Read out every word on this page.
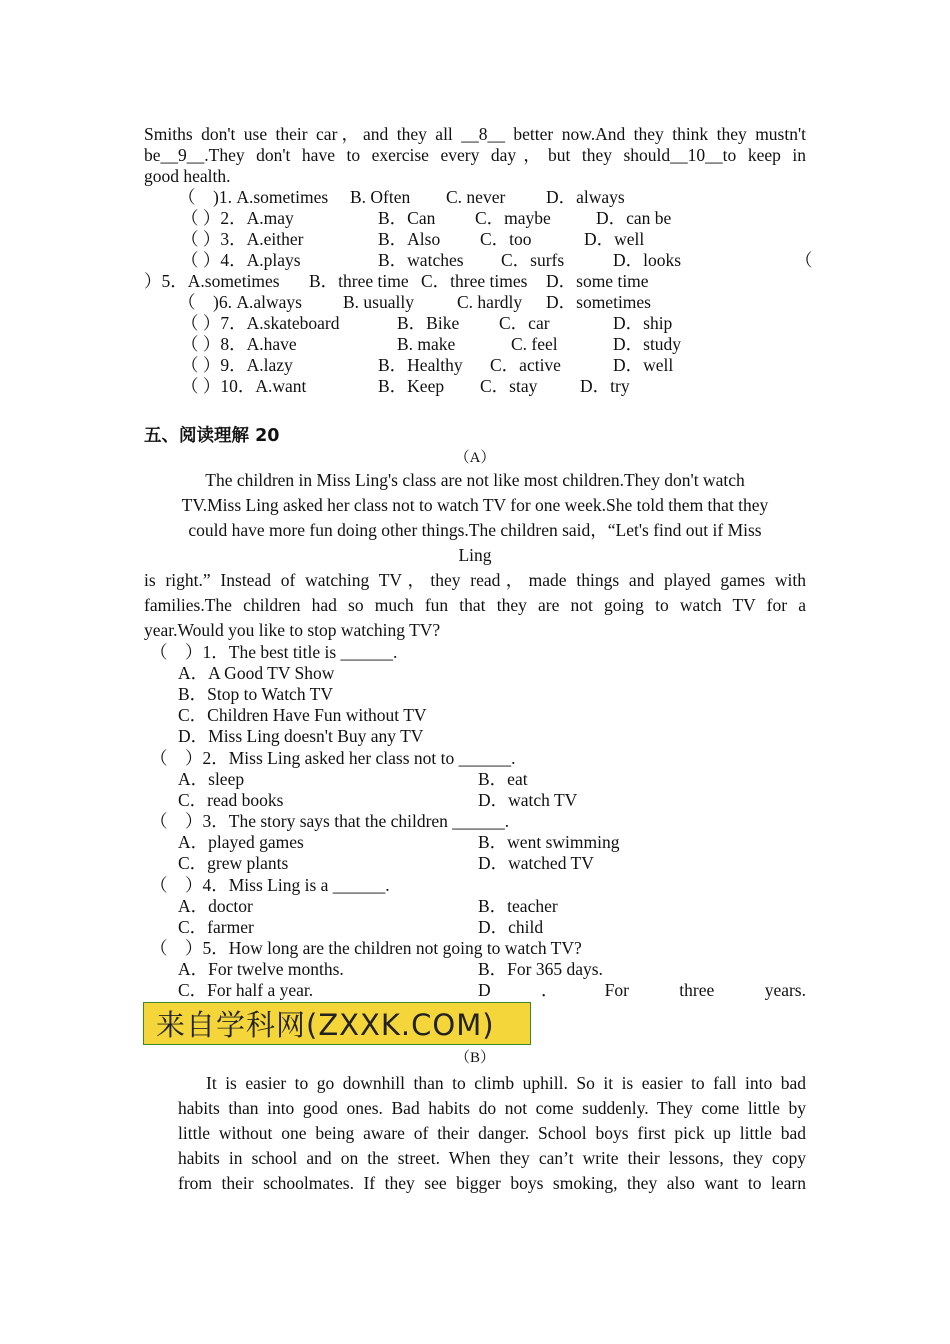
Smiths don't use their car，and they all __8__ better now.And they think they mustn't
be__9__.They don't have to exercise every day，but they should__10__to keep in
good health.
（　)1. A.sometimes B. Often C. never D．always
（ ）2．A.may	B．Can C．maybe	D．can be
（ ）3．A.either	B．Also C．too	D．well
（ ）4．A.plays	B．watches C．surfs	D．looks	（
）5．A.sometimes B．three time C．three times D．some time
（　)6. A.always B. usually C. hardly D．sometimes
（ ）7．A.skateboard	B．Bike C．car	D．ship
（ ）8．A.have	B. make	C. feel	D．study
（ ）9．A.lazy	B．Healthy C．active	D．well
（ ）10．A.want	B．Keep C．stay D．try
五、阅读理解 20
（A）
The children in Miss Ling's class are not like most children.They don't watch
TV.Miss Ling asked her class not to watch TV for one week.She told them that they
could have more fun doing other things.The children said，“Let's find out if Miss
Ling
is right.” Instead of watching TV，they read，made things and played games with
families.The children had so much fun that they are not going to watch TV for a
year.Would you like to stop watching TV?
（　）1．The best title is ______.
A．A Good TV Show
B．Stop to Watch TV
C．Children Have Fun without TV
D．Miss Ling doesn't Buy any TV
（　）2．Miss Ling asked her class not to ______.
A．sleep	B．eat
C．read books	D．watch TV
（　）3．The story says that the children ______.
A．played games	B．went swimming
C．grew plants	D．watched TV
（　）4．Miss Ling is a ______.
A．doctor	B．teacher
C．farmer	D．child
（　）5．How long are the children not going to watch TV?
A．For twelve months.	B．For 365 days.
C．For half a year.	D ．For three years.
来自学科网(ZXXK.COM)
（B）
It is easier to go downhill than to climb uphill. So it is easier to fall into bad
habits than into good ones. Bad habits do not come suddenly. They come little by
little without one being aware of their danger. School boys first pick up little bad
habits in school and on the street. When they can’t write their lessons, they copy
from their schoolmates. If they see bigger boys smoking, they also want to learn
